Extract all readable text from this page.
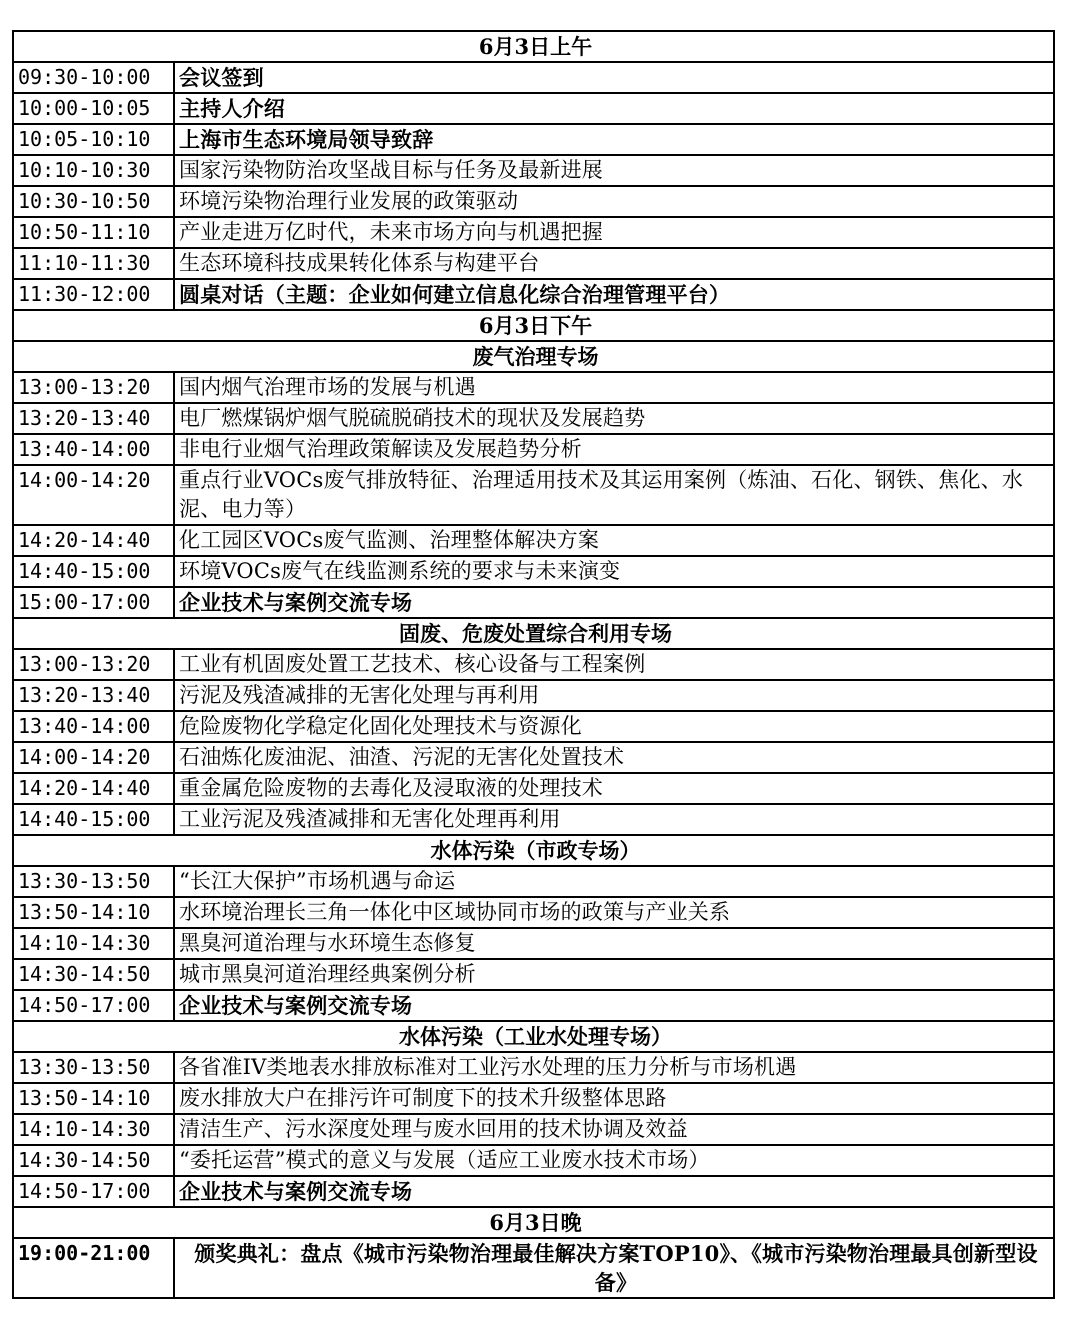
6月3日上午	
09:30-10:00	会议签到
10:00-10:05	主持人介绍
10:05-10:10	上海市生态环境局领导致辞
10:10-10:30	国家污染物防治攻坚战目标与任务及最新进展
10:30-10:50	环境污染物治理行业发展的政策驱动
10:50-11:10	产业走进万亿时代，未来市场方向与机遇把握
11:10-11:30	生态环境科技成果转化体系与构建平台
11:30-12:00	圆桌对话（主题：企业如何建立信息化综合治理管理平台）
6月3日下午	
废气治理专场	
13:00-13:20	国内烟气治理市场的发展与机遇
13:20-13:40	电厂燃煤锅炉烟气脱硫脱硝技术的现状及发展趋势
13:40-14:00	非电行业烟气治理政策解读及发展趋势分析
14:00-14:20	重点行业VOCs废气排放特征、治理适用技术及其运用案例（炼油、石化、钢铁、焦化、水泥、电力等）
14:20-14:40	化工园区VOCs废气监测、治理整体解决方案
14:40-15:00	环境VOCs废气在线监测系统的要求与未来演变
15:00-17:00	企业技术与案例交流专场
固废、危废处置综合利用专场	
13:00-13:20	工业有机固废处置工艺技术、核心设备与工程案例
13:20-13:40	污泥及残渣减排的无害化处理与再利用
13:40-14:00	危险废物化学稳定化固化处理技术与资源化
14:00-14:20	石油炼化废油泥、油渣、污泥的无害化处置技术
14:20-14:40	重金属危险废物的去毒化及浸取液的处理技术
14:40-15:00	工业污泥及残渣减排和无害化处理再利用
水体污染（市政专场）	
13:30-13:50	“长江大保护”市场机遇与命运
13:50-14:10	水环境治理长三角一体化中区域协同市场的政策与产业关系
14:10-14:30	黑臭河道治理与水环境生态修复
14:30-14:50	城市黑臭河道治理经典案例分析
14:50-17:00	企业技术与案例交流专场
水体污染（工业水处理专场）	
13:30-13:50	各省准IV类地表水排放标准对工业污水处理的压力分析与市场机遇
13:50-14:10	废水排放大户在排污许可制度下的技术升级整体思路
14:10-14:30	清洁生产、污水深度处理与废水回用的技术协调及效益
14:30-14:50	“委托运营”模式的意义与发展（适应工业废水技术市场）
14:50-17:00	企业技术与案例交流专场
6月3日晚	
19:00-21:00	颁奖典礼：盘点《城市污染物治理最佳解决方案TOP10》、《城市污染物治理最具创新型设备》
